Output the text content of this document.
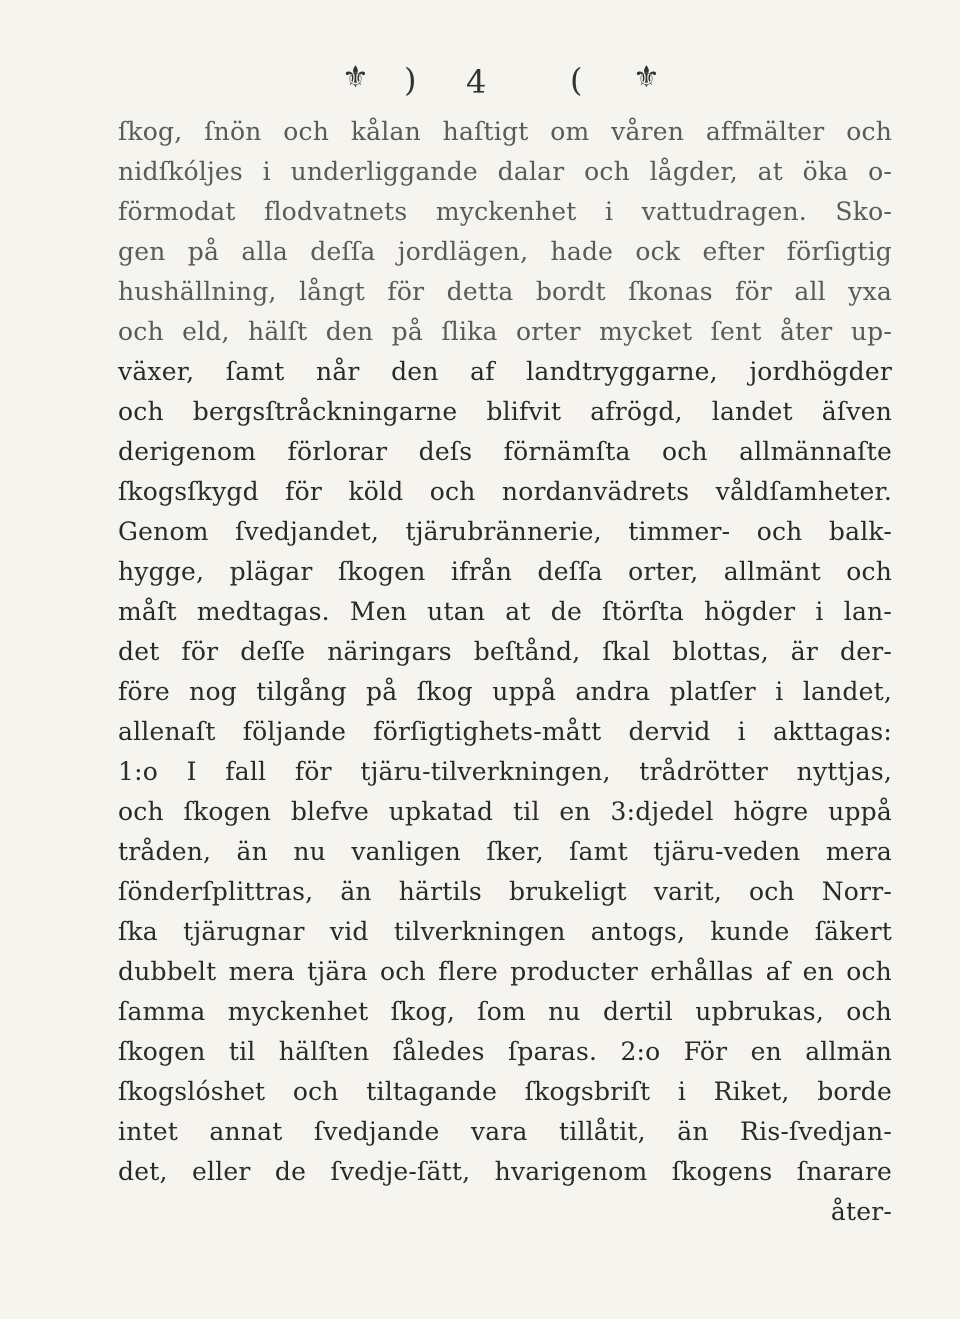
⚜ ) 4	( ⚜
ſkog, ſnön och kålan haſtigt om våren affmälter och
nidſkóljes i underliggande dalar och lågder, at öka o-
förmodat flodvatnets myckenhet i vattudragen. Sko-
gen på alla deſſa jordlägen, hade ock efter förſigtig
hushällning, långt för detta bordt ſkonas för all yxa
och eld, hälſt den på ſlika orter mycket ſent åter up-
växer, ſamt når den af landtryggarne, jordhögder
och bergsſtråckningarne blifvit afrögd, landet äſven
derigenom förlorar deſs förnämſta och allmännaſte
ſkogsſkygd för köld och nordanvädrets våldſamheter.
Genom ſvedjandet, tjärubrännerie, timmer- och balk-
hygge, plägar ſkogen ifrån deſſa orter, allmänt och
måſt medtagas. Men utan at de ſtörſta högder i lan-
det för deſſe näringars beſtånd, ſkal blottas, är der-
före nog tilgång på ſkog uppå andra platſer i landet,
allenaſt följande förſigtighets-mått dervid i akttagas:
1:o I fall för tjäru-tilverkningen, trådrötter nyttjas,
och ſkogen blefve upkatad til en 3:djedel högre uppå
tråden, än nu vanligen ſker, ſamt tjäru-veden mera
ſönderſplittras, än härtils brukeligt varit, och Norr-
ſka tjärugnar vid tilverkningen antogs, kunde ſäkert
dubbelt mera tjära och flere producter erhållas af en och
ſamma myckenhet ſkog, ſom nu dertil upbrukas, och
ſkogen til hälſten ſåledes ſparas. 2:o För en allmän
ſkogslóshet och tiltagande ſkogsbriſt i Riket, borde
intet annat ſvedjande vara tillåtit, än Ris-ſvedjan-
det, eller de ſvedje-ſätt, hvarigenom ſkogens ſnarare
åter-
